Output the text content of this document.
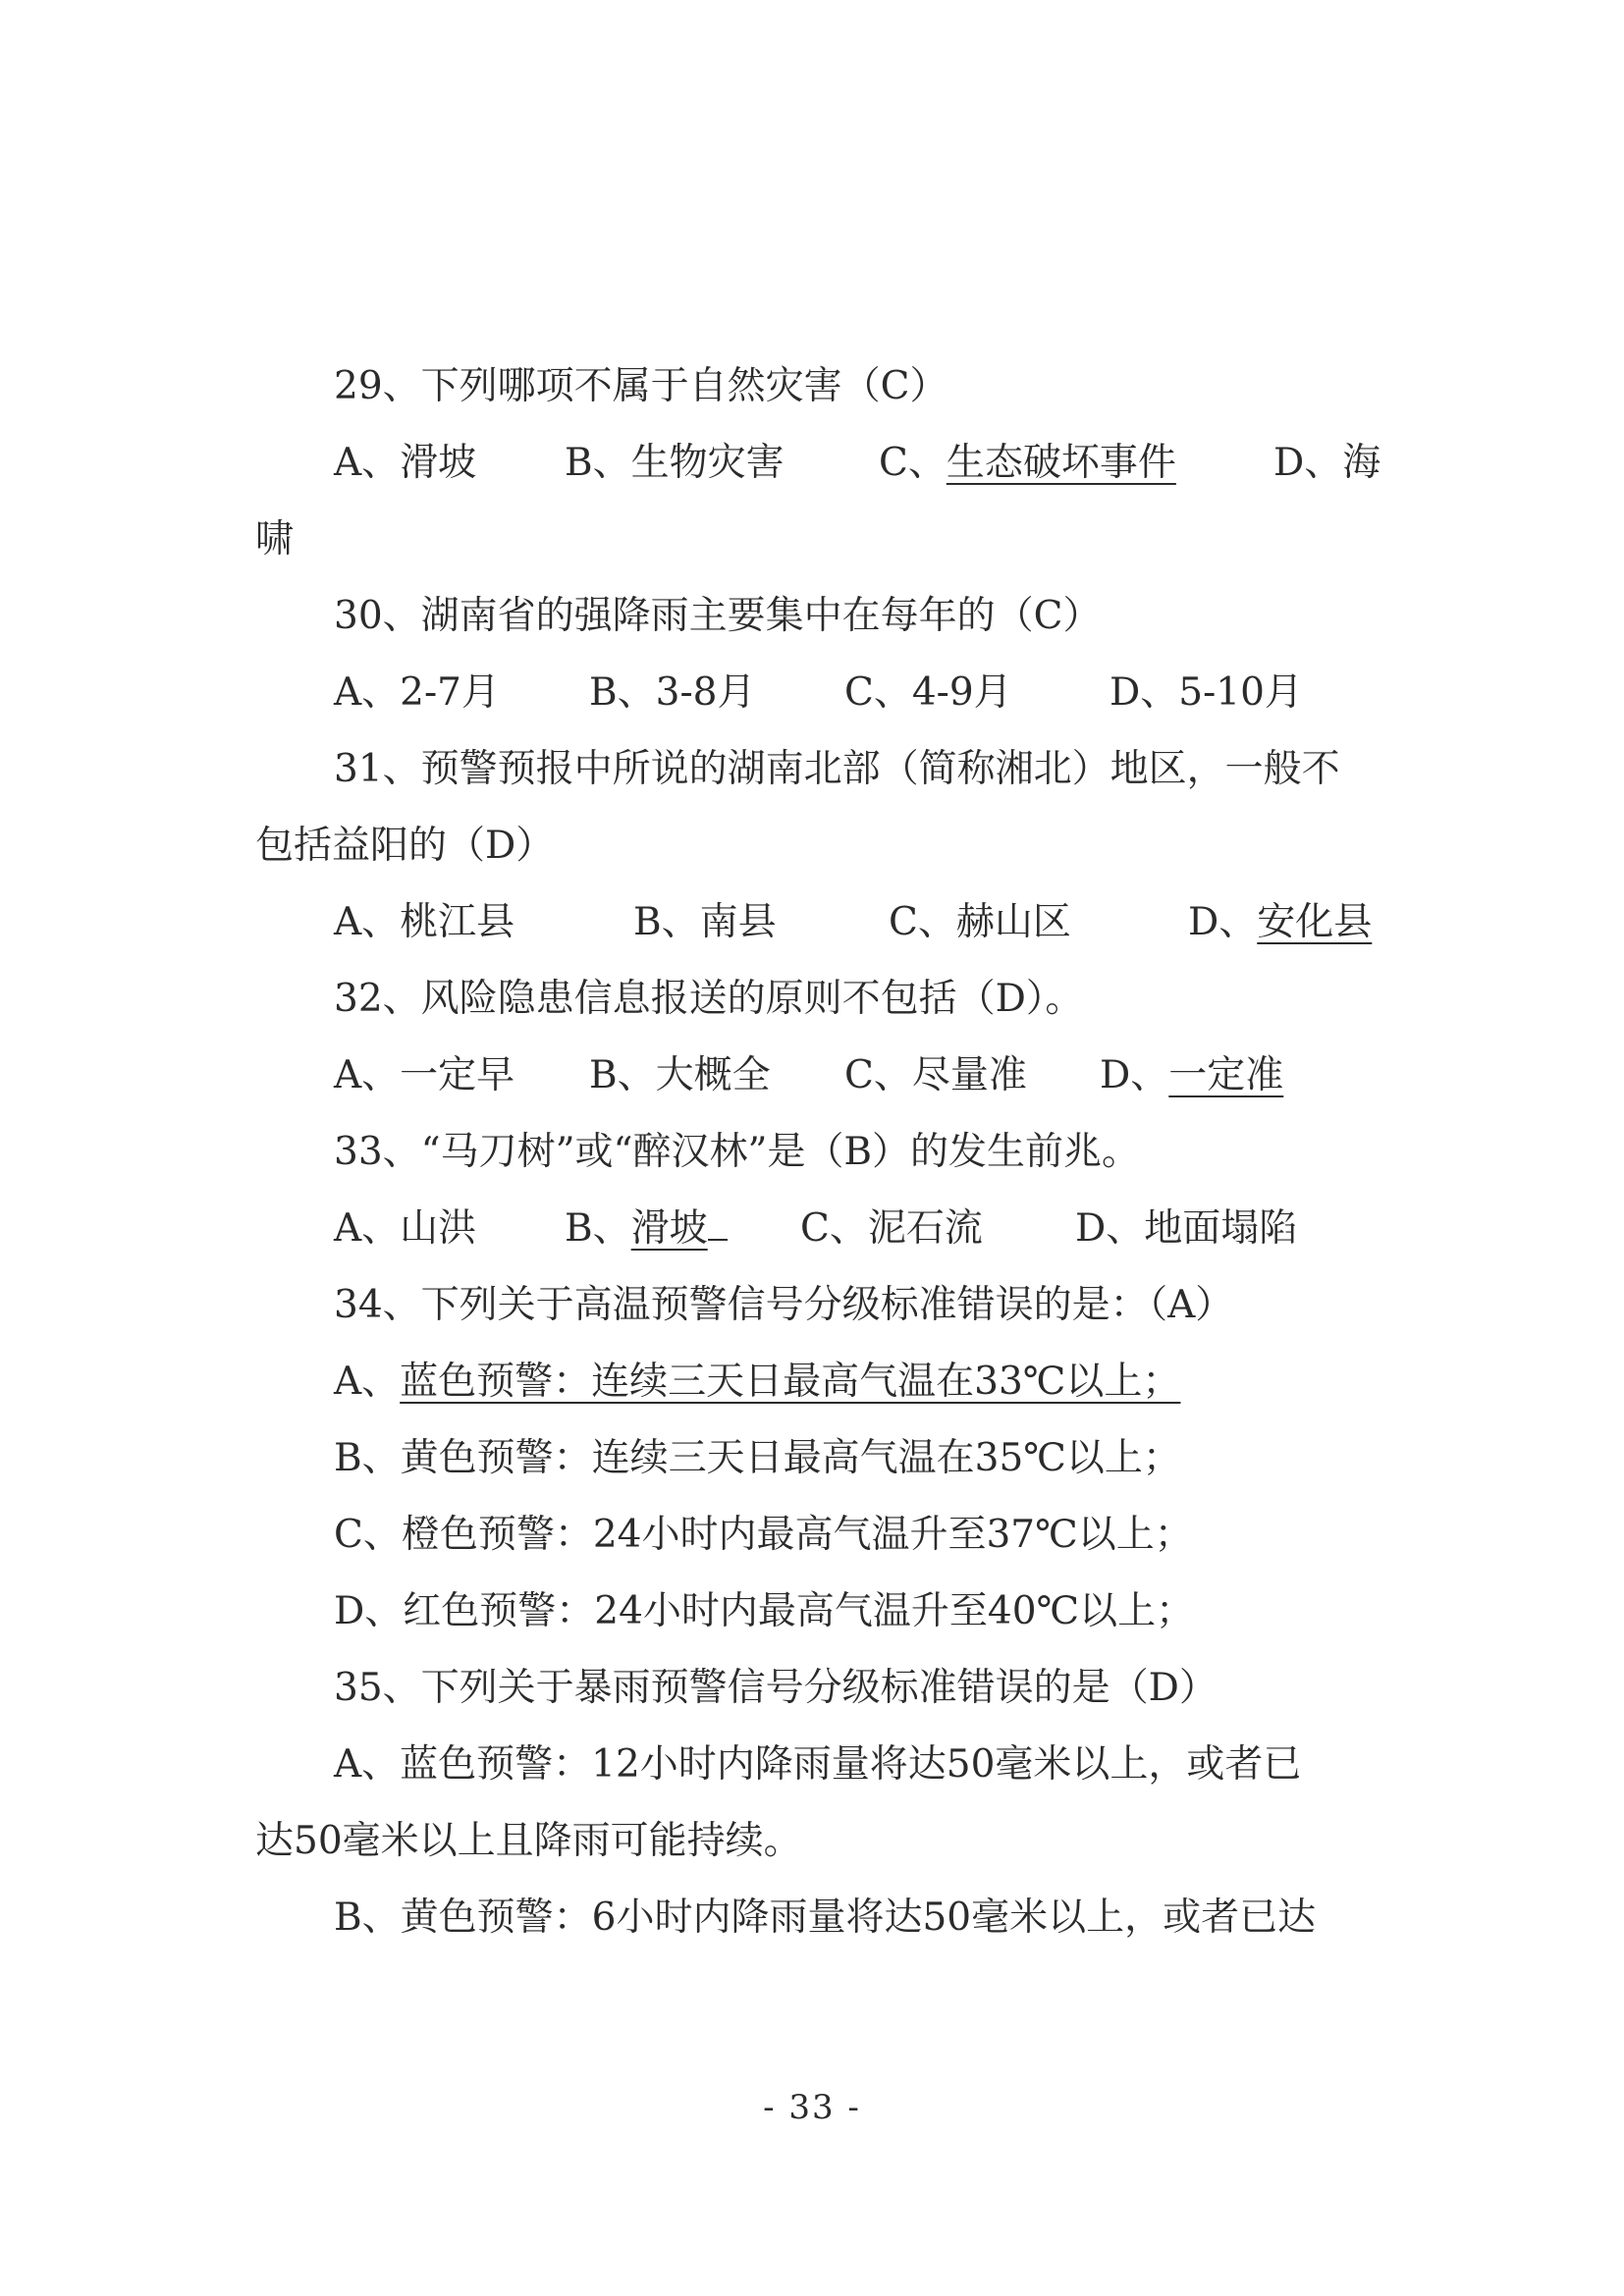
29、下列哪项不属于自然灾害（C）
A、滑坡	B、生物灾害	C、生态破坏事件	D、海
啸
30、湖南省的强降雨主要集中在每年的（C）
A、2-7月	B、3-8月	C、4-9月	D、5-10月
31、预警预报中所说的湖南北部（简称湘北）地区，一般不
包括益阳的（D）
A、桃江县	B、南县	C、赫山区	D、安化县
32、风险隐患信息报送的原则不包括（D）。
A、一定早	B、大概全	C、尽量准	D、一定准
33、“马刀树”或“醉汉林”是（B）的发生前兆。
A、山洪	B、滑坡	C、泥石流	D、地面塌陷
34、下列关于高温预警信号分级标准错误的是：（A）
A、蓝色预警：连续三天日最高气温在33℃以上；
B、黄色预警：连续三天日最高气温在35℃以上；
C、橙色预警：24小时内最高气温升至37℃以上；
D、红色预警：24小时内最高气温升至40℃以上；
35、下列关于暴雨预警信号分级标准错误的是（D）
A、蓝色预警：12小时内降雨量将达50毫米以上，或者已
达50毫米以上且降雨可能持续。
B、黄色预警：6小时内降雨量将达50毫米以上，或者已达
- 33 -
